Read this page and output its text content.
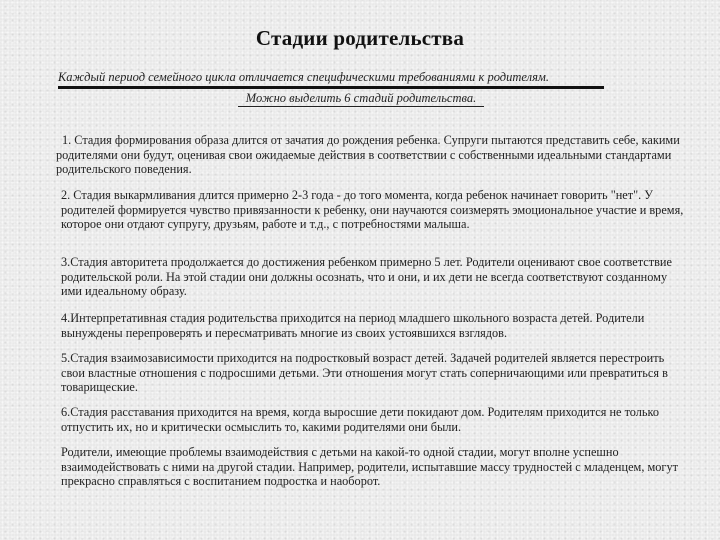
Стадии родительства
Каждый период семейного цикла отличается специфическими требованиями к родителям.
Можно выделить 6 стадий родительства.

1. Стадия формирования образа длится от зачатия до рождения ребенка. Супруги пытаются представить себе, какими родителями они будут, оценивая свои ожидаемые действия в соответствии с собственными идеальными стандартами родительского поведения.

2. Стадия выкармливания длится примерно 2-3 года - до того момента, когда ребенок начинает говорить "нет". У родителей формируется чувство привязанности к ребенку, они научаются соизмерять эмоциональное участие и время, которое они отдают супругу, друзьям, работе и т.д., с потребностями малыша.

3.Стадия авторитета продолжается до достижения ребенком примерно 5 лет. Родители оценивают свое соответствие родительской роли. На этой стадии они должны осознать, что и они, и их дети не всегда соответствуют созданному ими идеальному образу.

4.Интерпретативная стадия родительства приходится на период младшего школьного возраста детей. Родители вынуждены перепроверять и пересматривать многие из своих устоявшихся взглядов.

5.Стадия взаимозависимости приходится на подростковый возраст детей. Задачей родителей является перестроить свои властные отношения с подросшими детьми. Эти отношения могут стать соперничающими или превратиться в товарищеские.

6.Стадия расставания приходится на время, когда выросшие дети покидают дом. Родителям приходится не только отпустить их, но и критически осмыслить то, какими родителями они были.

Родители, имеющие проблемы взаимодействия с детьми на какой-то одной стадии, могут вполне успешно взаимодействовать с ними на другой стадии. Например, родители, испытавшие массу трудностей с младенцем, могут прекрасно справляться с воспитанием подростка и наоборот.
